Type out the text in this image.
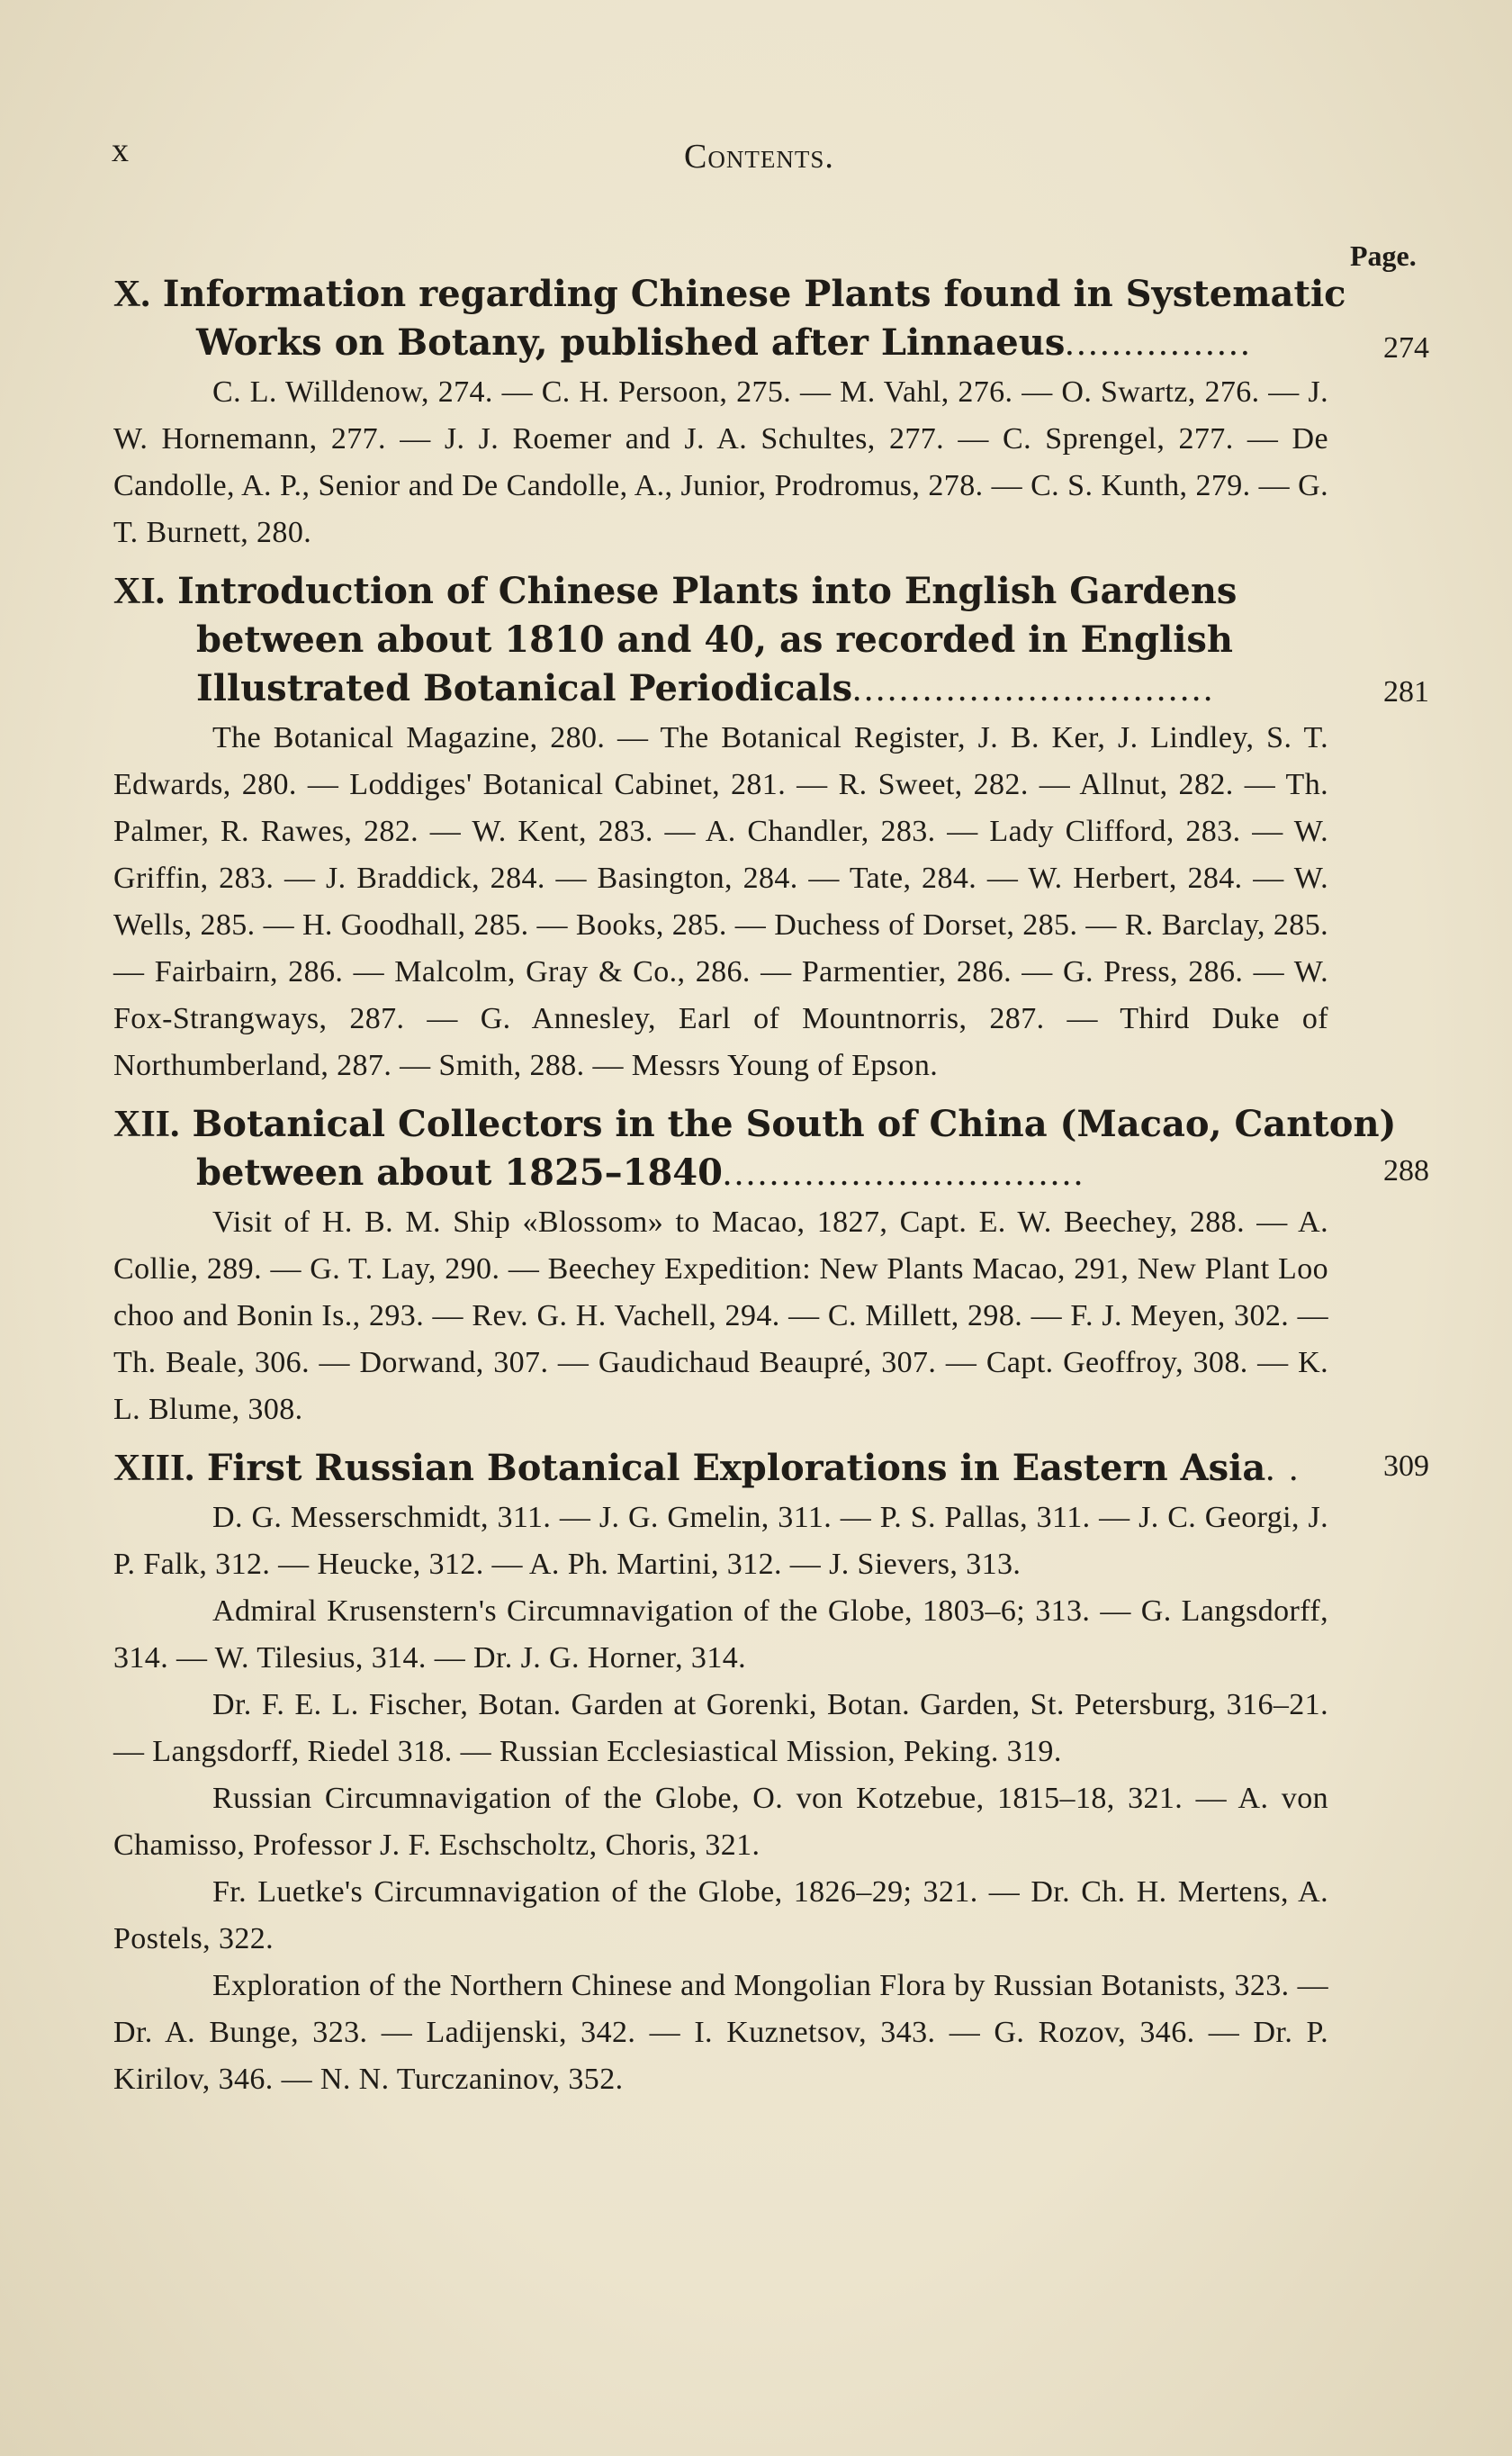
x	Contents.
Page.

X. Information regarding Chinese Plants found in Systematic Works on Botany, published after Linnaeus................	274

C. L. Willdenow, 274. — C. H. Persoon, 275. — M. Vahl, 276. — O. Swartz, 276. — J. W. Hornemann, 277. — J. J. Roemer and J. A. Schultes, 277. — C. Sprengel, 277. — De Candolle, A. P., Senior and De Candolle, A., Junior, Prodromus, 278. — C. S. Kunth, 279. — G. T. Burnett, 280.

XI. Introduction of Chinese Plants into English Gardens between about 1810 and 40, as recorded in English Illustrated Botanical Periodicals...............................	281

The Botanical Magazine, 280. — The Botanical Register, J. B. Ker, J. Lindley, S. T. Edwards, 280. — Loddiges' Botanical Cabinet, 281. — R. Sweet, 282. — Allnut, 282. — Th. Palmer, R. Rawes, 282. — W. Kent, 283. — A. Chandler, 283. — Lady Clifford, 283. — W. Griffin, 283. — J. Braddick, 284. — Basington, 284. — Tate, 284. — W. Herbert, 284. — W. Wells, 285. — H. Goodhall, 285. — Books, 285. — Duchess of Dorset, 285. — R. Barclay, 285. — Fairbairn, 286. — Malcolm, Gray & Co., 286. — Parmentier, 286. — G. Press, 286. — W. Fox-Strangways, 287. — G. Annesley, Earl of Mountnorris, 287. — Third Duke of Northumberland, 287. — Smith, 288. — Messrs Young of Epson.

XII. Botanical Collectors in the South of China (Macao, Canton) between about 1825–1840...............................	288

Visit of H. B. M. Ship «Blossom» to Macao, 1827, Capt. E. W. Beechey, 288. — A. Collie, 289. — G. T. Lay, 290. — Beechey Expedition: New Plants Macao, 291, New Plant Loo choo and Bonin Is., 293. — Rev. G. H. Vachell, 294. — C. Millett, 298. — F. J. Meyen, 302. — Th. Beale, 306. — Dorwand, 307. — Gaudichaud Beaupré, 307. — Capt. Geoffroy, 308. — K. L. Blume, 308.

XIII. First Russian Botanical Explorations in Eastern Asia. .	309

D. G. Messerschmidt, 311. — J. G. Gmelin, 311. — P. S. Pallas, 311. — J. C. Georgi, J. P. Falk, 312. — Heucke, 312. — A. Ph. Martini, 312. — J. Sievers, 313.

Admiral Krusenstern's Circumnavigation of the Globe, 1803–6; 313. — G. Langsdorff, 314. — W. Tilesius, 314. — Dr. J. G. Horner, 314.

Dr. F. E. L. Fischer, Botan. Garden at Gorenki, Botan. Garden, St. Petersburg, 316–21. — Langsdorff, Riedel 318. — Russian Ecclesiastical Mission, Peking. 319.

Russian Circumnavigation of the Globe, O. von Kotzebue, 1815–18, 321. — A. von Chamisso, Professor J. F. Eschscholtz, Choris, 321.

Fr. Luetke's Circumnavigation of the Globe, 1826–29; 321. — Dr. Ch. H. Mertens, A. Postels, 322.

Exploration of the Northern Chinese and Mongolian Flora by Russian Botanists, 323. — Dr. A. Bunge, 323. — Ladijenski, 342. — I. Kuznetsov, 343. — G. Rozov, 346. — Dr. P. Kirilov, 346. — N. N. Turczaninov, 352.
